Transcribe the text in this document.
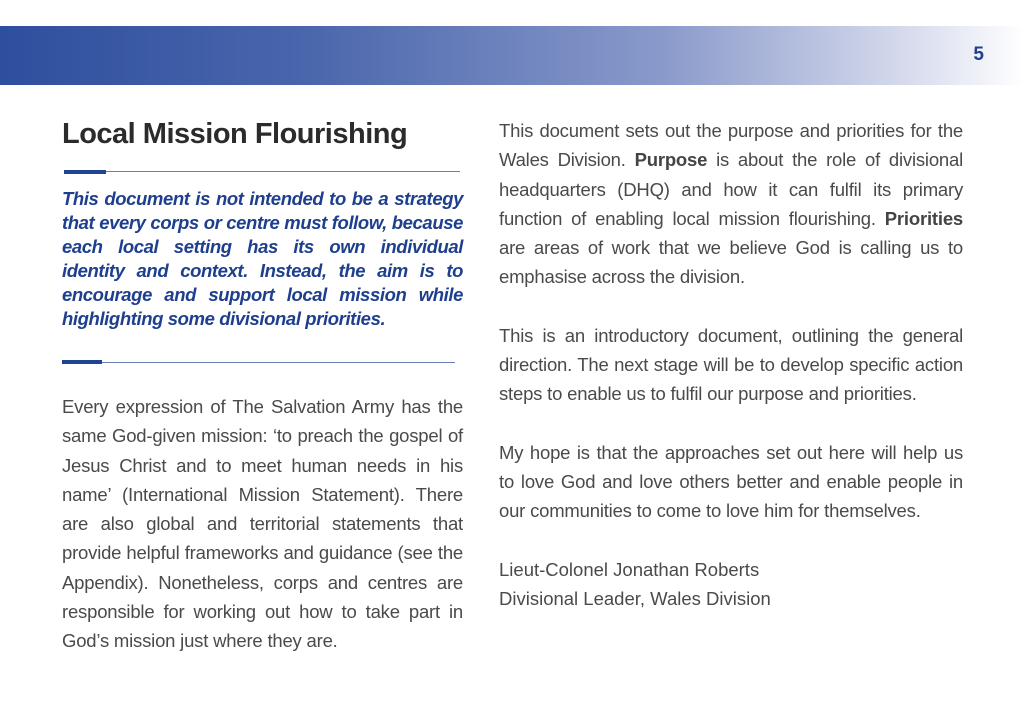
5
Local Mission Flourishing

This document is not intended to be a strategy that every corps or centre must follow, because each local setting has its own individual identity and context. Instead, the aim is to encourage and support local mission while highlighting some divisional priorities.

Every expression of The Salvation Army has the same God-given mission: ‘to preach the gospel of Jesus Christ and to meet human needs in his name’ (International Mission Statement). There are also global and territorial statements that provide helpful frameworks and guidance (see the Appendix). Nonetheless, corps and centres are responsible for working out how to take part in God’s mission just where they are.

This document sets out the purpose and priorities for the Wales Division. Purpose is about the role of divisional headquarters (DHQ) and how it can fulfil its primary function of enabling local mission flourishing. Priorities are areas of work that we believe God is calling us to emphasise across the division.

This is an introductory document, outlining the general direction. The next stage will be to develop specific action steps to enable us to fulfil our purpose and priorities.

My hope is that the approaches set out here will help us to love God and love others better and enable people in our communities to come to love him for themselves.

Lieut-Colonel Jonathan Roberts
Divisional Leader, Wales Division
